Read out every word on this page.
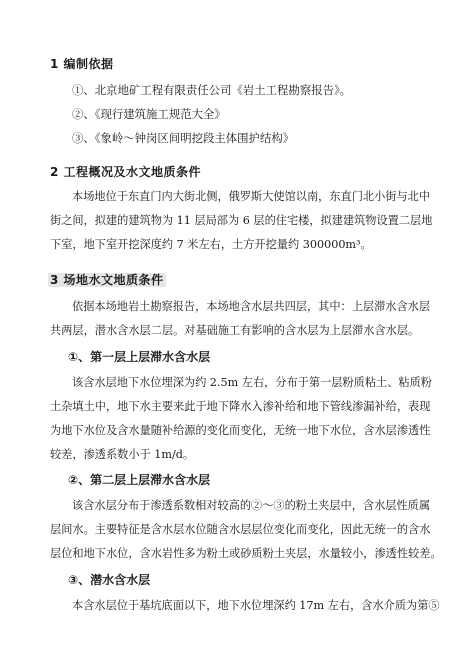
1 编制依据
①、北京地矿工程有限责任公司《岩土工程勘察报告》。
②、《现行建筑施工规范大全》
③、《象岭～钟岗区间明挖段主体围护结构》
2 工程概况及水文地质条件
本场地位于东直门内大街北侧，俄罗斯大使馆以南，东直门北小街与北中
街之间，拟建的建筑物为 11 层局部为 6 层的住宅楼，拟建建筑物设置二层地
下室，地下室开挖深度约 7 米左右，土方开挖量约 300000m³。
3 场地水文地质条件
依据本场地岩土勘察报告，本场地含水层共四层，其中：上层滞水含水层
共两层，潜水含水层二层。对基础施工有影响的含水层为上层滞水含水层。
①、第一层上层滞水含水层
该含水层地下水位埋深为约 2.5m 左右，分布于第一层粉质粘土、粘质粉
土杂填土中，地下水主要来此于地下降水入渗补给和地下管线渗漏补给，表现
为地下水位及含水量随补给源的变化而变化，无统一地下水位，含水层渗透性
较差，渗透系数小于 1m/d。
②、第二层上层滞水含水层
该含水层分布于渗透系数相对较高的②～③的粉土夹层中，含水层性质属
层间水。主要特征是含水层水位随含水层层位变化而变化，因此无统一的含水
层位和地下水位，含水岩性多为粉土或砂质粉土夹层，水量较小，渗透性较差。
③、潜水含水层
本含水层位于基坑底面以下，地下水位埋深约 17m 左右，含水介质为第⑤
